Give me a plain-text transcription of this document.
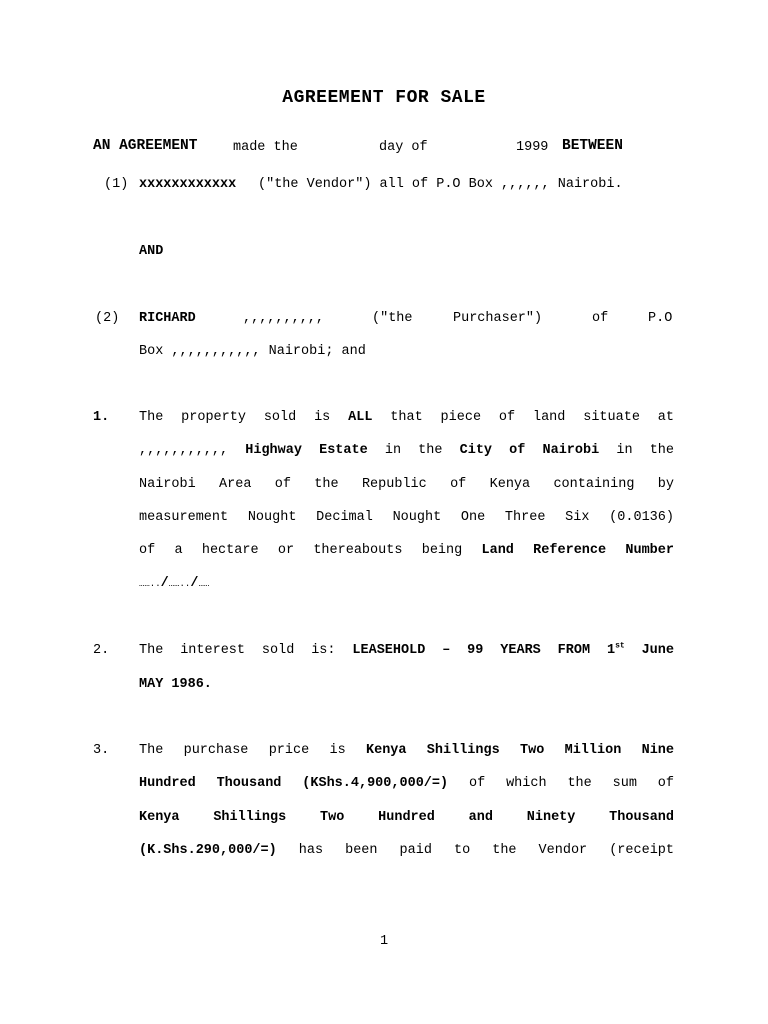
AGREEMENT FOR SALE
AN AGREEMENT	made the	day of	1999 BETWEEN
(1) xxxxxxxxxxxx ("the Vendor") all of P.O Box ,,,,,, Nairobi.
AND
(2) RICHARD	,,,,,,,,,,	("the	Purchaser")	of	P.O
Box ,,,,,,,,,,, Nairobi; and
1. The property sold is ALL that piece of land situate at
,,,,,,,,,,, Highway Estate in the City of Nairobi in the
Nairobi Area of the Republic of Kenya containing by
measurement Nought Decimal Nought One Three Six (0.0136)
of a hectare or thereabouts being Land Reference Number
……../……../……
2. The interest sold is: LEASEHOLD – 99 YEARS FROM 1st June
MAY 1986.
3. The purchase price is Kenya Shillings Two Million Nine
Hundred Thousand (KShs.4,900,000/=) of which the sum of
Kenya Shillings Two Hundred and Ninety Thousand
(K.Shs.290,000/=) has been paid to the Vendor (receipt
1
